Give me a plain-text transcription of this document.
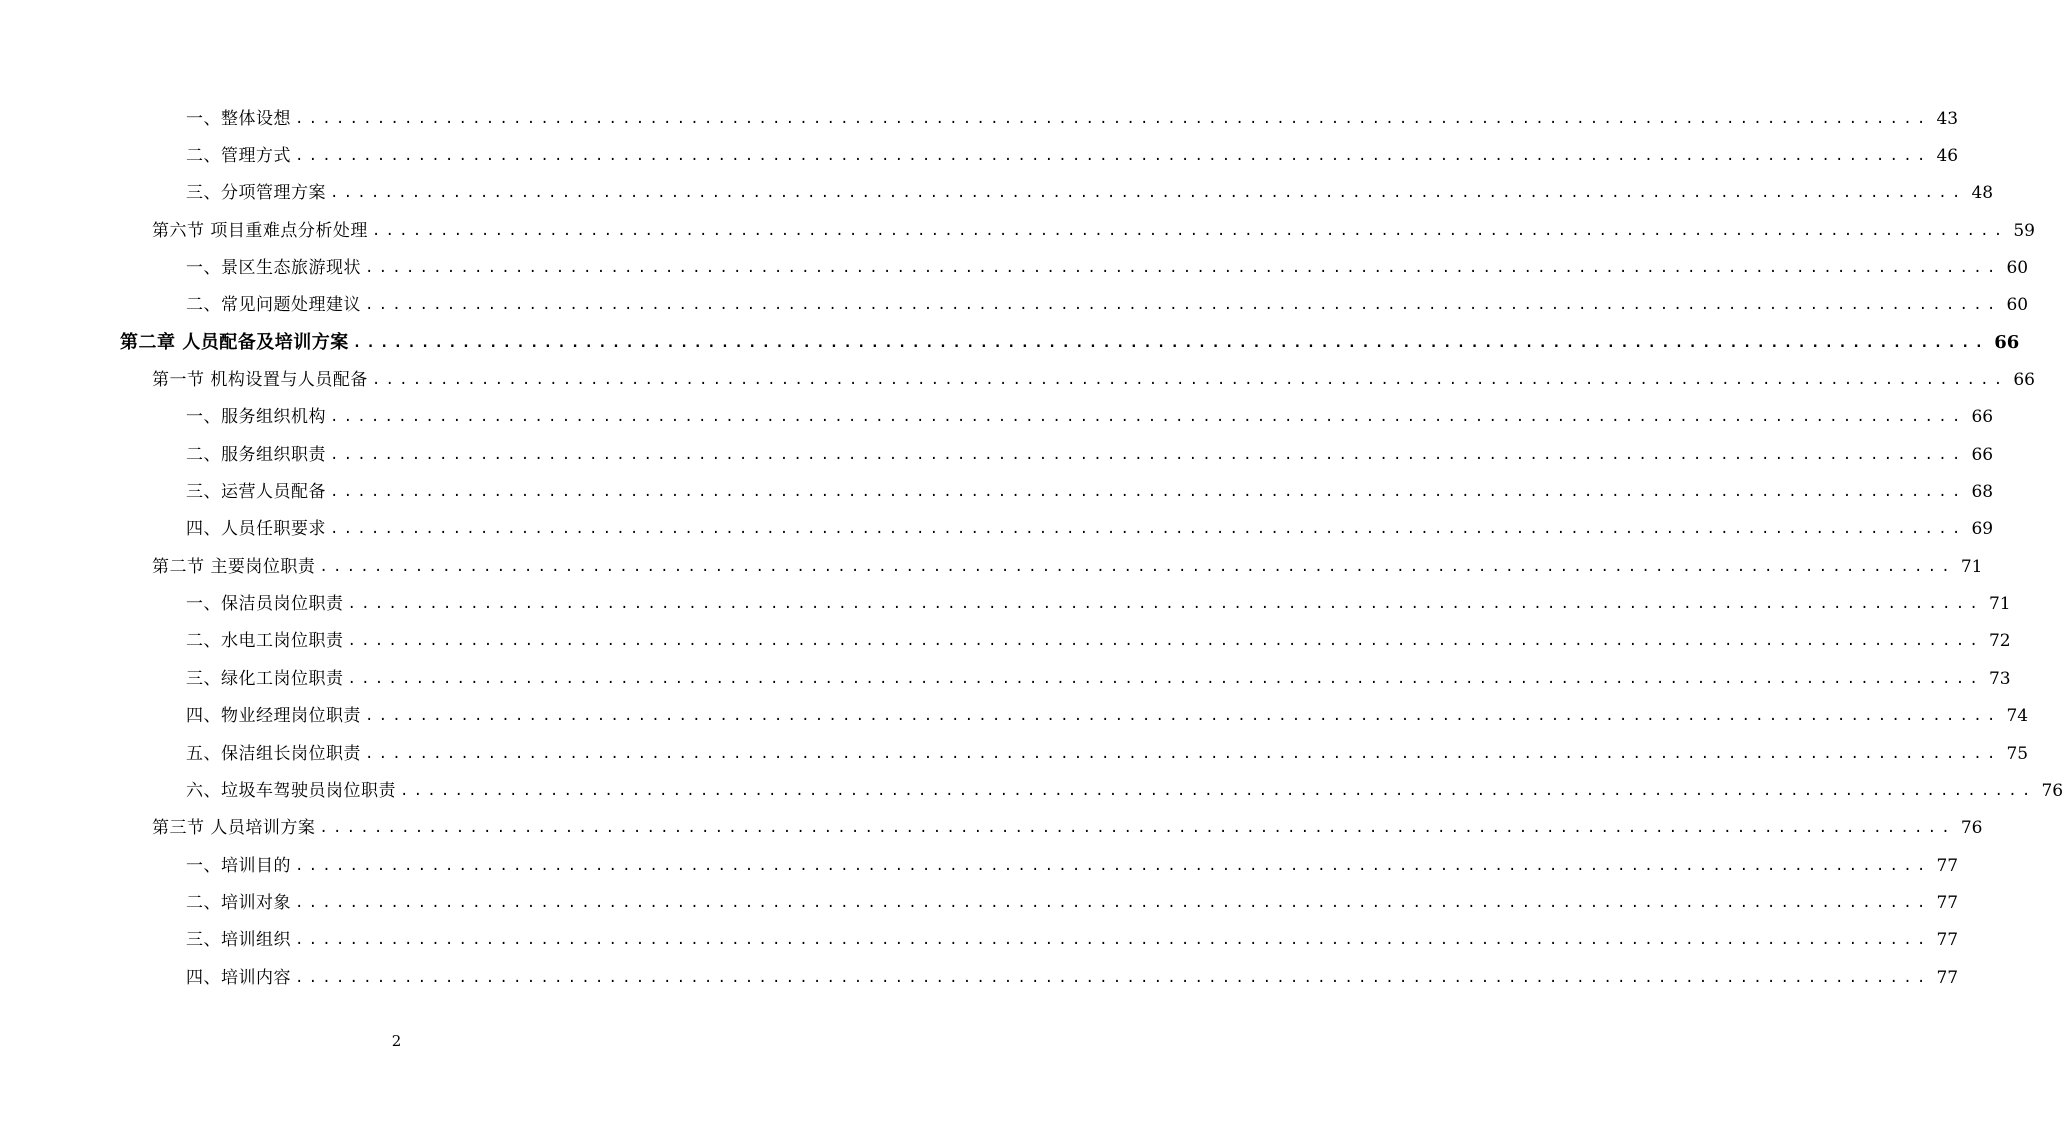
一、整体设想 ........................................................................................................................ 43
二、管理方式 ........................................................................................................................ 46
三、分项管理方案 ........................................................................................................................ 48
第六节 项目重难点分析处理 ........................................................................................................................ 59
一、景区生态旅游现状 ........................................................................................................................ 60
二、常见问题处理建议 ........................................................................................................................ 60
第二章 人员配备及培训方案 ........................................................................................................................ 66
第一节 机构设置与人员配备 ........................................................................................................................ 66
一、服务组织机构 ........................................................................................................................ 66
二、服务组织职责 ........................................................................................................................ 66
三、运营人员配备 ........................................................................................................................ 68
四、人员任职要求 ........................................................................................................................ 69
第二节 主要岗位职责 ........................................................................................................................ 71
一、保洁员岗位职责 ........................................................................................................................ 71
二、水电工岗位职责 ........................................................................................................................ 72
三、绿化工岗位职责 ........................................................................................................................ 73
四、物业经理岗位职责 ........................................................................................................................ 74
五、保洁组长岗位职责 ........................................................................................................................ 75
六、垃圾车驾驶员岗位职责 ........................................................................................................................ 76
第三节 人员培训方案 ........................................................................................................................ 76
一、培训目的 ........................................................................................................................ 77
二、培训对象 ........................................................................................................................ 77
三、培训组织 ........................................................................................................................ 77
四、培训内容 ........................................................................................................................ 77
2
